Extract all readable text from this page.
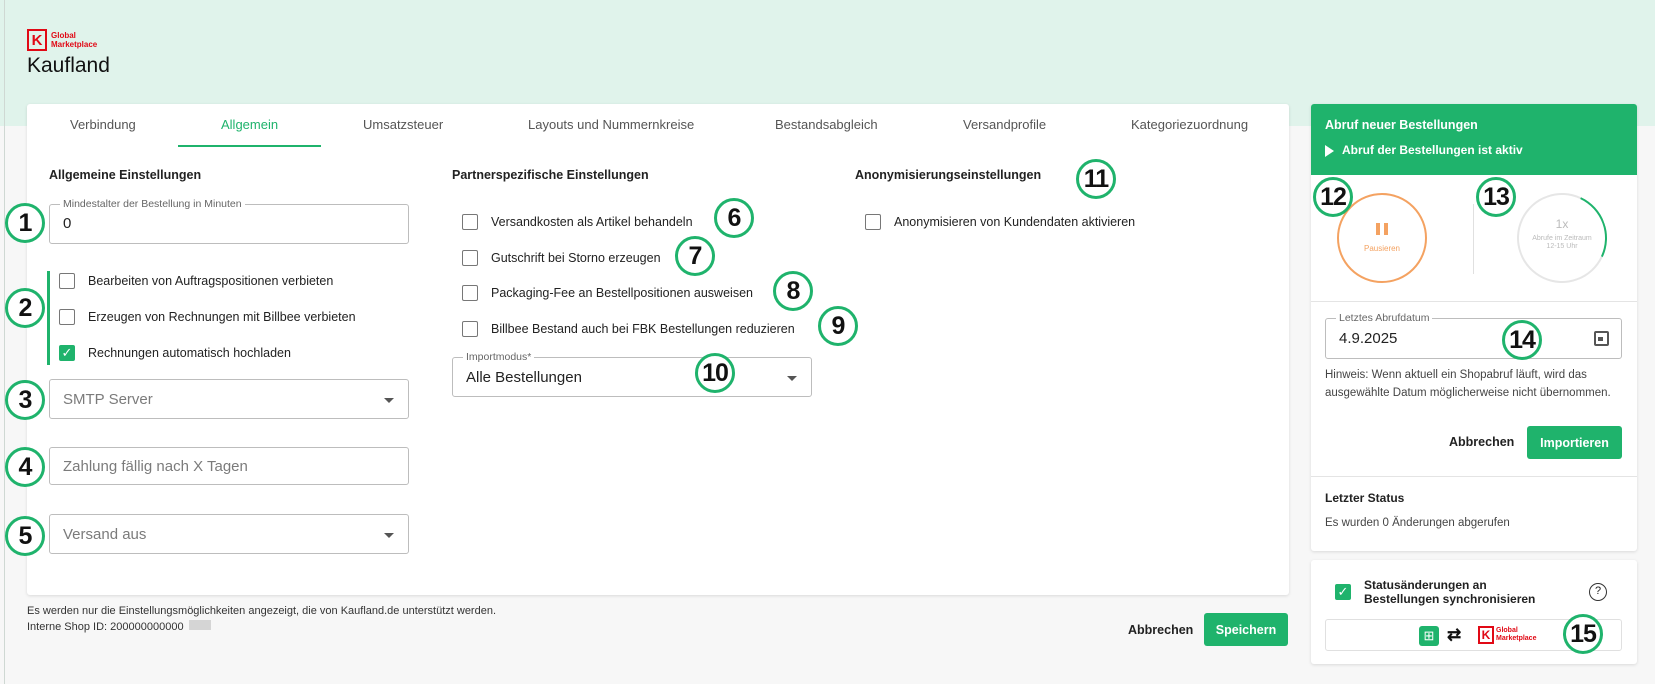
K	Global
Marketplace
Kaufland
Verbindung	Allgemein	Umsatzsteuer	Layouts und Nummernkreise	Bestandsabgleich	Versandprofile	Kategoriezuordnung
Allgemeine Einstellungen
Mindestalter der Bestellung in Minuten
0
Bearbeiten von Auftragspositionen verbieten
Erzeugen von Rechnungen mit Billbee verbieten
✓ Rechnungen automatisch hochladen
SMTP Server
Zahlung fällig nach X Tagen
Versand aus
Partnerspezifische Einstellungen
Versandkosten als Artikel behandeln
Gutschrift bei Storno erzeugen
Packaging-Fee an Bestellpositionen ausweisen
Billbee Bestand auch bei FBK Bestellungen reduzieren
Importmodus*
Alle Bestellungen
Anonymisierungseinstellungen
Anonymisieren von Kundendaten aktivieren
1
2
3
4
5
6
7
8
9
10
11
Es werden nur die Einstellungsmöglichkeiten angezeigt, die von Kaufland.de unterstützt werden.
Interne Shop ID: 200000000000	Abbrechen	Speichern
Abruf neuer Bestellungen
Abruf der Bestellungen ist aktiv
Pausieren
1x
Abrufe im Zeitraum
12-15 Uhr
Letztes Abrufdatum
4.9.2025
Hinweis: Wenn aktuell ein Shopabruf läuft, wird das ausgewählte Datum möglicherweise nicht übernommen.
Abbrechen	Importieren
Letzter Status
Es wurden 0 Änderungen abgerufen
12	13
14
✓ Statusänderungen an Bestellungen synchronisieren
?
⊞ ⇄	K Global
Marketplace 15
